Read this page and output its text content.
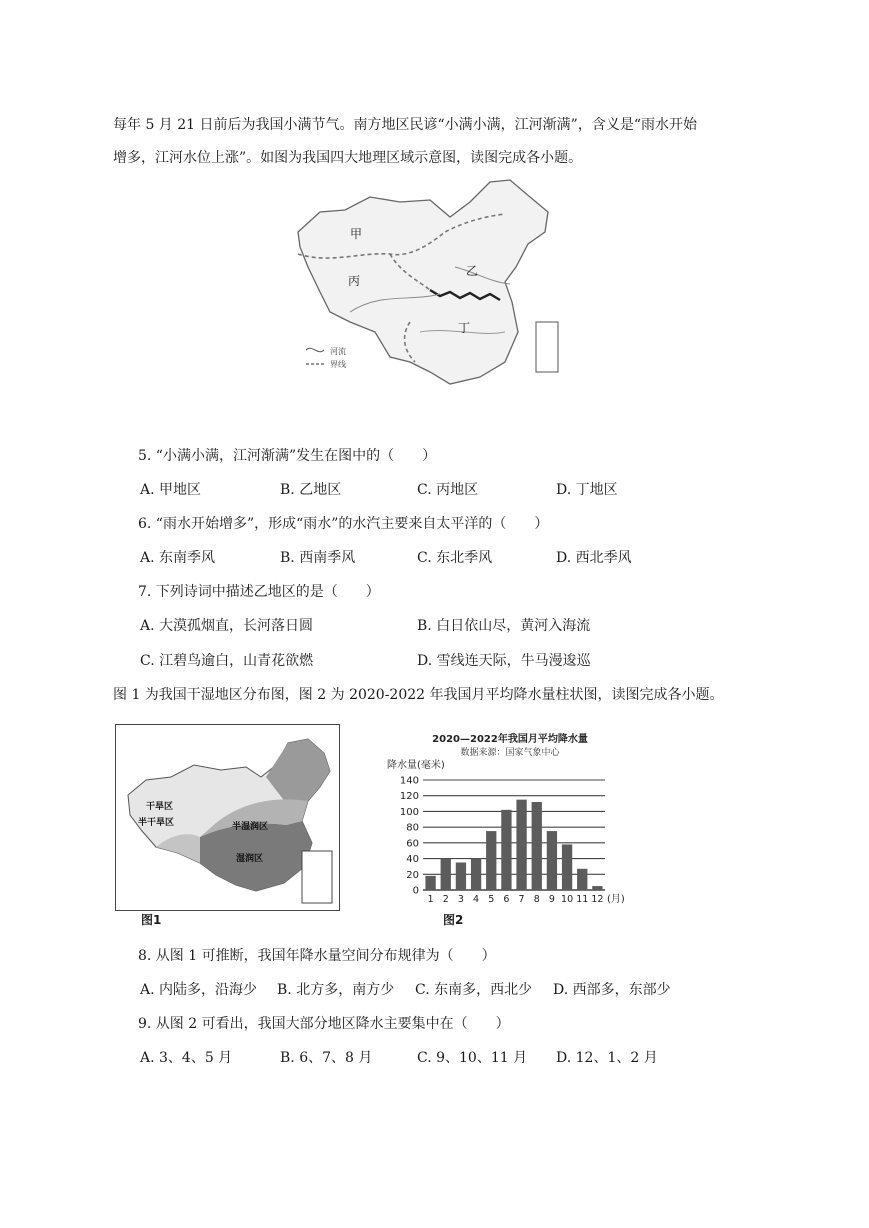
每年 5 月 21 日前后为我国小满节气。南方地区民谚“小满小满，江河渐满”，含义是“雨水开始
增多，江河水位上涨”。如图为我国四大地理区域示意图，读图完成各小题。
甲
乙
丙
丁
河流
界线
5. “小满小满，江河渐满”发生在图中的（　　）
A. 甲地区	B. 乙地区	C. 丙地区	D. 丁地区
6. “雨水开始增多”，形成“雨水”的水汽主要来自太平洋的（　　）
A. 东南季风	B. 西南季风	C. 东北季风	D. 西北季风
7. 下列诗词中描述乙地区的是（　　）
A. 大漠孤烟直，长河落日圆	B. 白日依山尽，黄河入海流
C. 江碧鸟逾白，山青花欲燃	D. 雪线连天际，牛马漫逡巡
图 1 为我国干湿地区分布图，图 2 为 2020-2022 年我国月平均降水量柱状图，读图完成各小题。
干旱区
半干旱区	半湿润区
湿润区
图1
2020—2022年我国月平均降水量
数据来源：国家气象中心
降水量(毫米)
1 2 3 4 5 6 7 8 9 10 11 12
0
20
40
60
80
100
120
140
(月)
图2
8. 从图 1 可推断，我国年降水量空间分布规律为（　　）
A. 内陆多，沿海少 B. 北方多，南方少 C. 东南多，西北少 D. 西部多，东部少
9. 从图 2 可看出，我国大部分地区降水主要集中在（　　）
A. 3、4、5 月	B. 6、7、8 月	C. 9、10、11 月 D. 12、1、2 月
